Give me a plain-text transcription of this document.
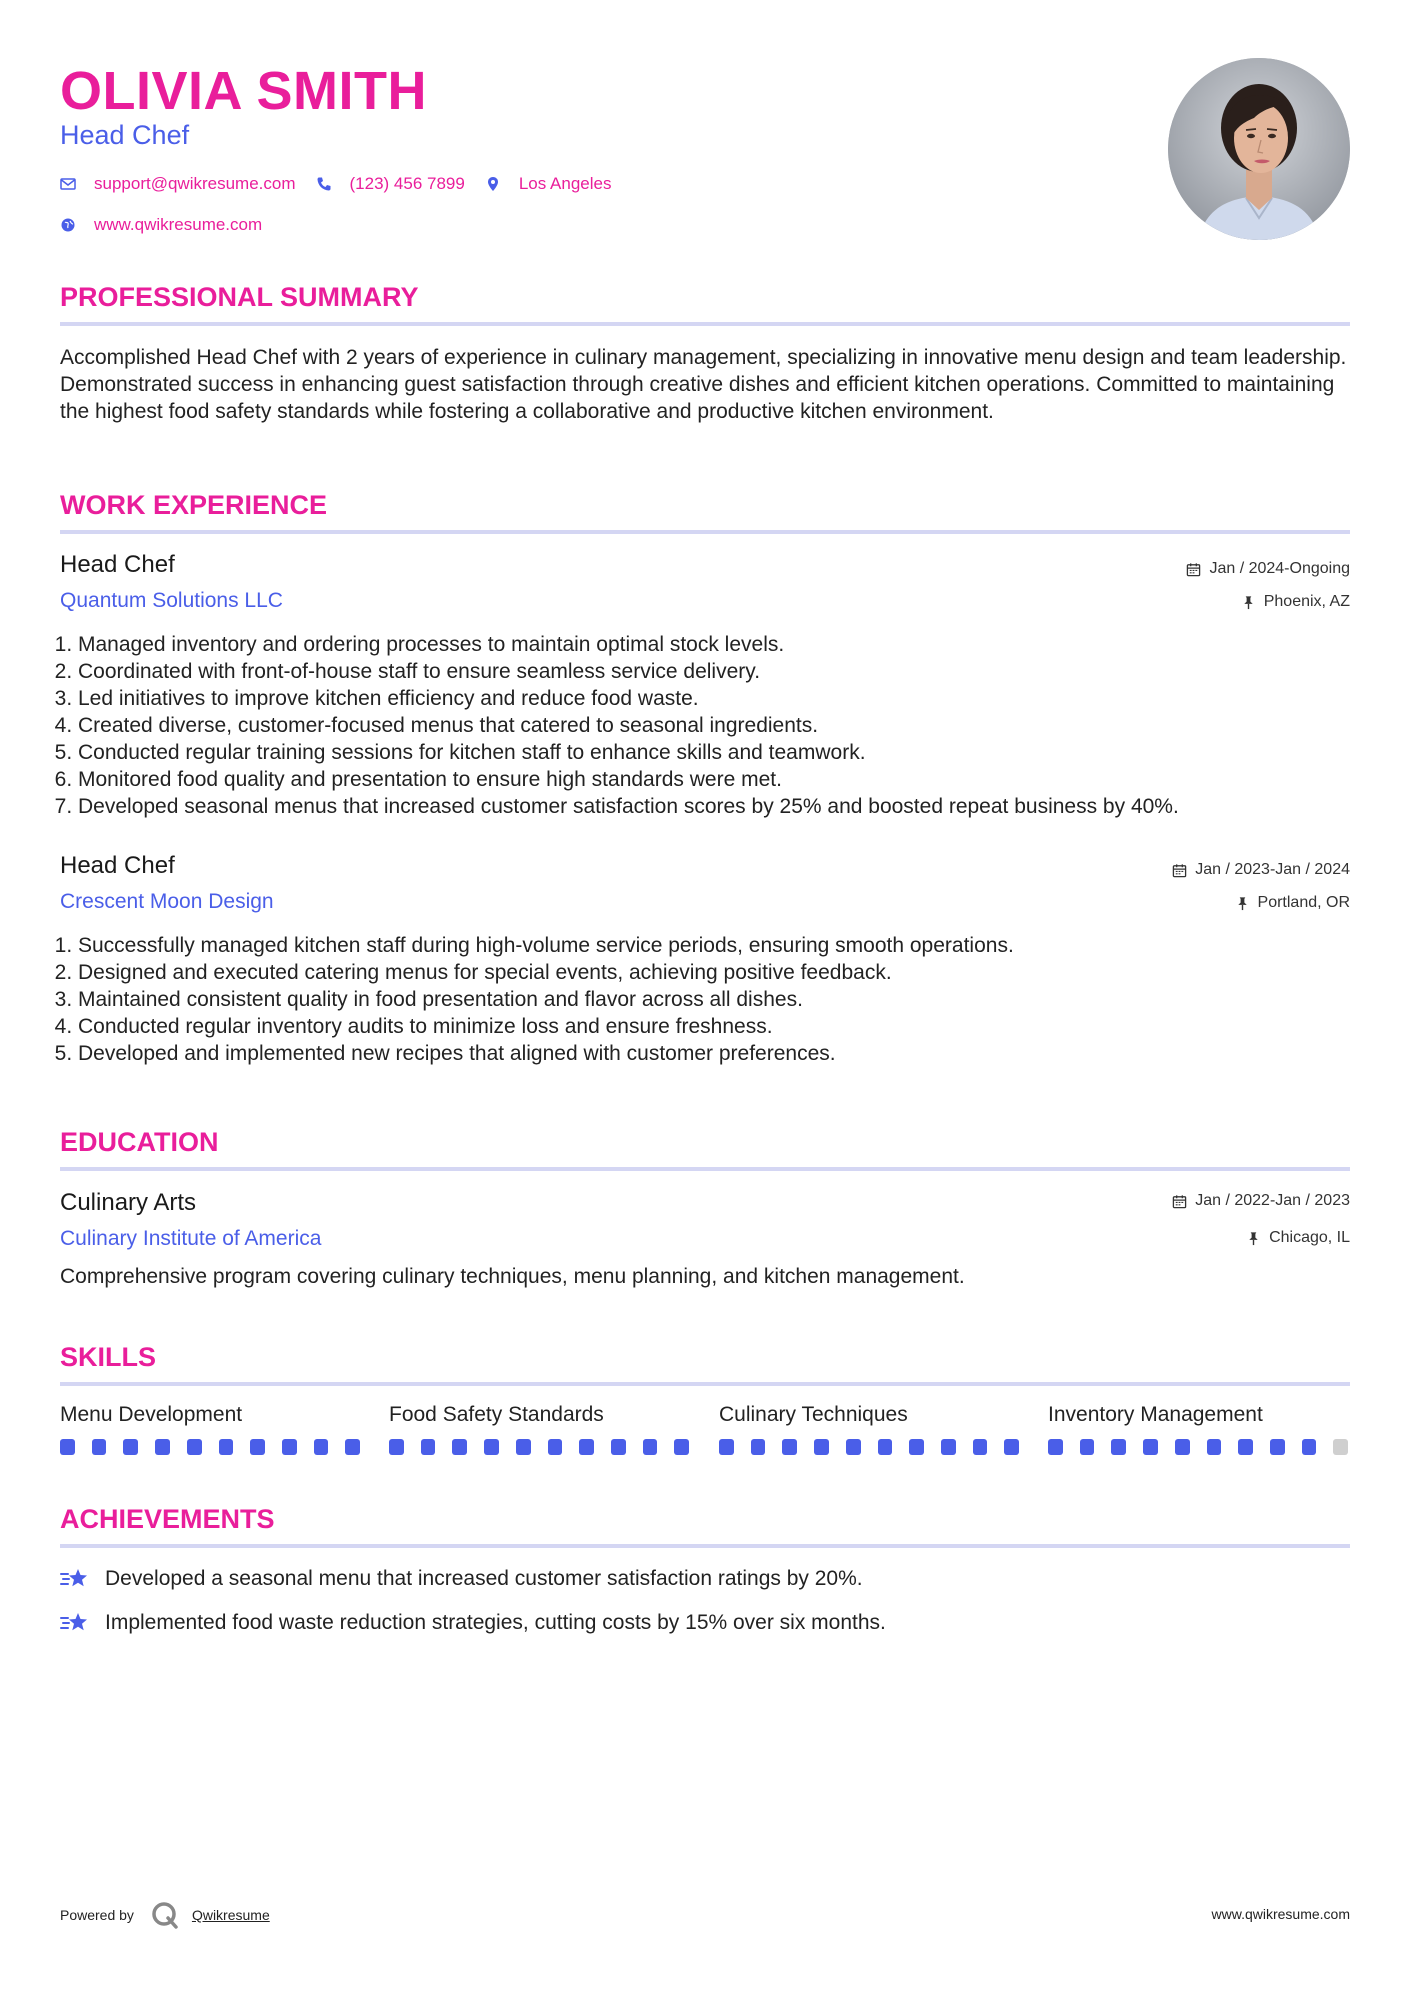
OLIVIA SMITH
Head Chef
support@qwikresume.com	(123) 456 7899	Los Angeles
www.qwikresume.com
PROFESSIONAL SUMMARY
Accomplished Head Chef with 2 years of experience in culinary management, specializing in innovative menu design and team leadership. Demonstrated success in enhancing guest satisfaction through creative dishes and efficient kitchen operations. Committed to maintaining the highest food safety standards while fostering a collaborative and productive kitchen environment.
WORK EXPERIENCE
Head Chef
Quantum Solutions LLC
Jan / 2024-Ongoing
Phoenix, AZ
1. Managed inventory and ordering processes to maintain optimal stock levels.
2. Coordinated with front-of-house staff to ensure seamless service delivery.
3. Led initiatives to improve kitchen efficiency and reduce food waste.
4. Created diverse, customer-focused menus that catered to seasonal ingredients.
5. Conducted regular training sessions for kitchen staff to enhance skills and teamwork.
6. Monitored food quality and presentation to ensure high standards were met.
7. Developed seasonal menus that increased customer satisfaction scores by 25% and boosted repeat business by 40%.
Head Chef
Crescent Moon Design
Jan / 2023-Jan / 2024
Portland, OR
1. Successfully managed kitchen staff during high-volume service periods, ensuring smooth operations.
2. Designed and executed catering menus for special events, achieving positive feedback.
3. Maintained consistent quality in food presentation and flavor across all dishes.
4. Conducted regular inventory audits to minimize loss and ensure freshness.
5. Developed and implemented new recipes that aligned with customer preferences.
EDUCATION
Culinary Arts
Culinary Institute of America
Jan / 2022-Jan / 2023
Chicago, IL
Comprehensive program covering culinary techniques, menu planning, and kitchen management.
SKILLS
Menu Development	Food Safety Standards	Culinary Techniques	Inventory Management
ACHIEVEMENTS
Developed a seasonal menu that increased customer satisfaction ratings by 20%.
Implemented food waste reduction strategies, cutting costs by 15% over six months.
Powered by	Qwikresume	www.qwikresume.com
